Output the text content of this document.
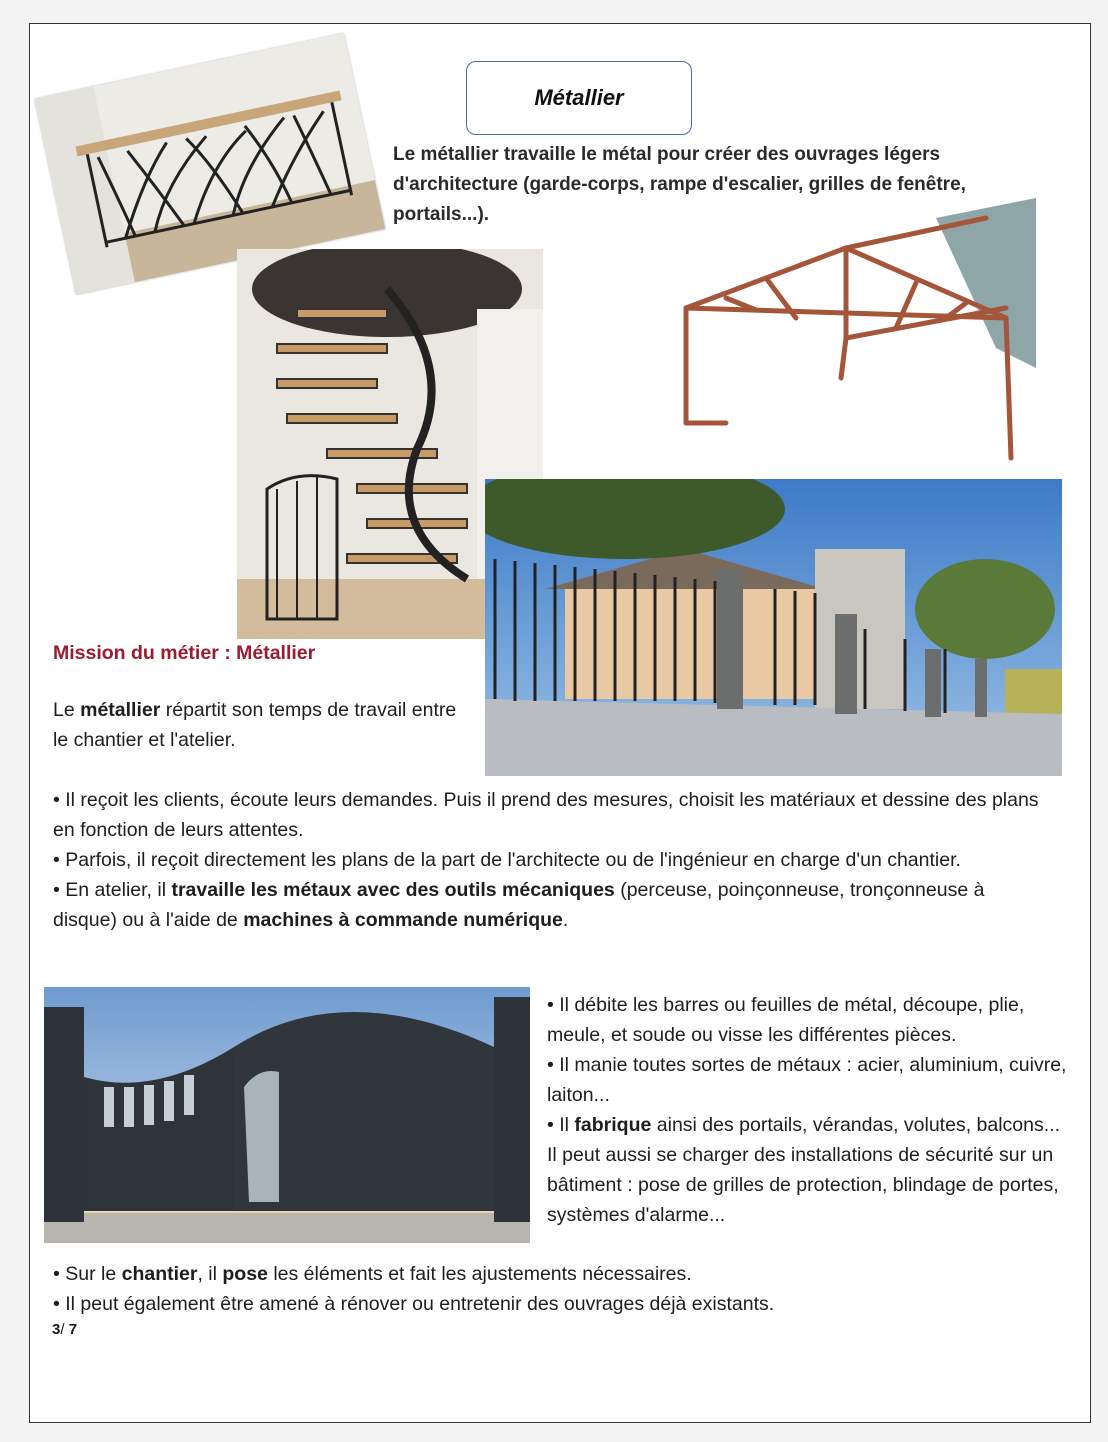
Métallier
Le métallier travaille le métal pour créer des ouvrages légers d'architecture (garde-corps, rampe d'escalier, grilles de fenêtre, portails...).
Mission du métier : Métallier
Le métallier répartit son temps de travail entre le chantier et l'atelier.
• Il reçoit les clients, écoute leurs demandes. Puis il prend des mesures, choisit les matériaux et dessine des plans en fonction de leurs attentes.
• Parfois, il reçoit directement les plans de la part de l'architecte ou de l'ingénieur en charge d'un chantier.
• En atelier, il travaille les métaux avec des outils mécaniques (perceuse, poinçonneuse, tronçonneuse à disque) ou à l'aide de machines à commande numérique.
• Il débite les barres ou feuilles de métal, découpe, plie, meule, et soude ou visse les différentes pièces.
• Il manie toutes sortes de métaux : acier, aluminium, cuivre, laiton...
• Il fabrique ainsi des portails, vérandas, volutes, balcons... Il peut aussi se charger des installations de sécurité sur un bâtiment : pose de grilles de protection, blindage de portes, systèmes d'alarme...
• Sur le chantier, il pose les éléments et fait les ajustements nécessaires.
• Il peut également être amené à rénover ou entretenir des ouvrages déjà existants.
3/ 7
